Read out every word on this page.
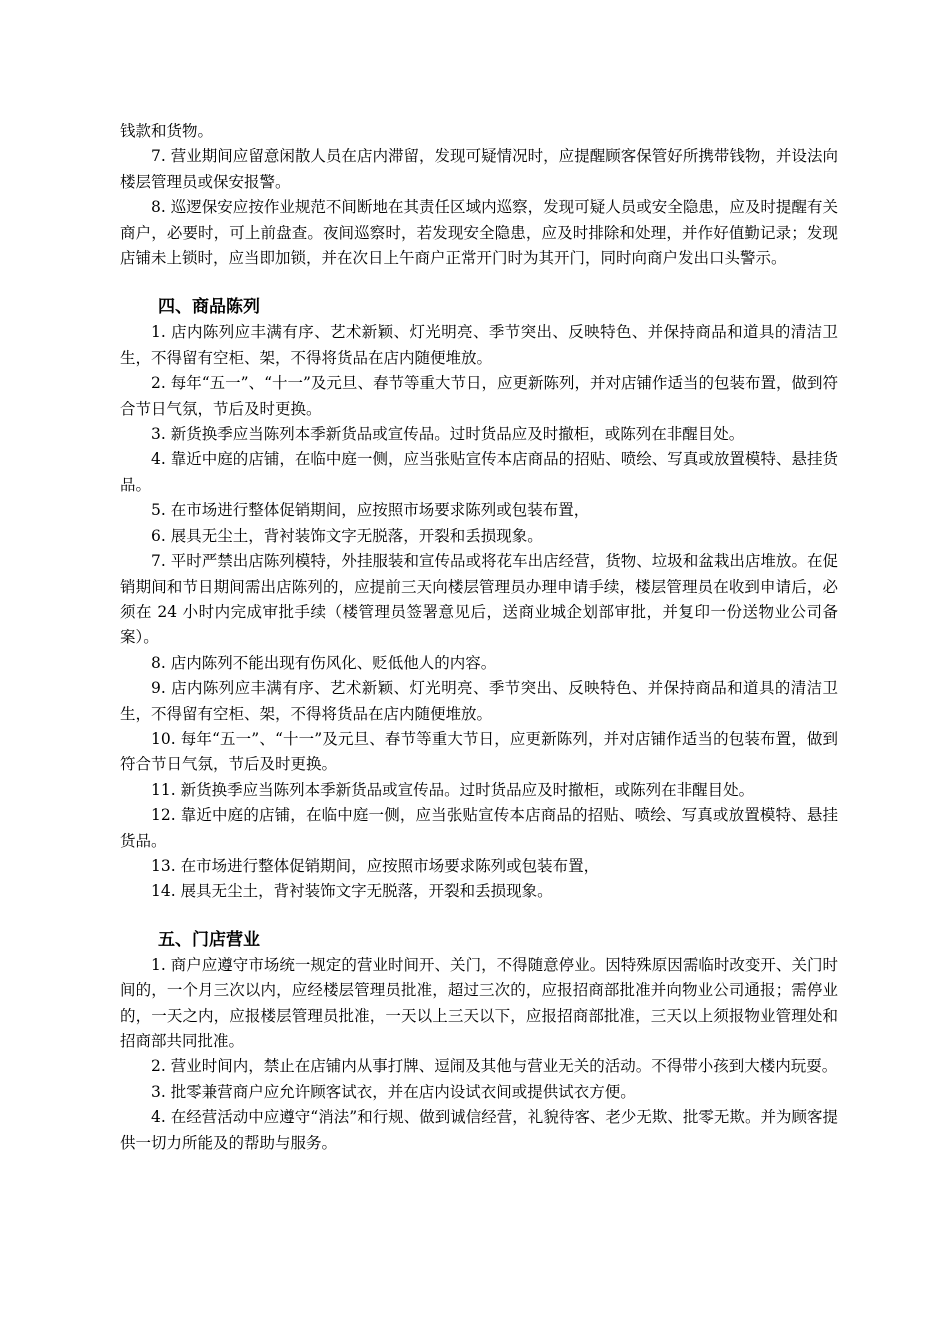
钱款和货物。

7. 营业期间应留意闲散人员在店内滞留，发现可疑情况时，应提醒顾客保管好所携带钱物，并设法向楼层管理员或保安报警。

8. 巡逻保安应按作业规范不间断地在其责任区域内巡察，发现可疑人员或安全隐患，应及时提醒有关商户，必要时，可上前盘查。夜间巡察时，若发现安全隐患，应及时排除和处理，并作好值勤记录；发现店铺未上锁时，应当即加锁，并在次日上午商户正常开门时为其开门，同时向商户发出口头警示。

四、商品陈列

1. 店内陈列应丰满有序、艺术新颖、灯光明亮、季节突出、反映特色、并保持商品和道具的清洁卫生，不得留有空柜、架，不得将货品在店内随便堆放。

2. 每年“五一”、“十一”及元旦、春节等重大节日，应更新陈列，并对店铺作适当的包装布置，做到符合节日气氛，节后及时更换。

3. 新货换季应当陈列本季新货品或宣传品。过时货品应及时撤柜，或陈列在非醒目处。

4. 靠近中庭的店铺，在临中庭一侧，应当张贴宣传本店商品的招贴、喷绘、写真或放置模特、悬挂货品。

5. 在市场进行整体促销期间，应按照市场要求陈列或包装布置，

6. 展具无尘土，背衬装饰文字无脱落，开裂和丢损现象。

7. 平时严禁出店陈列模特，外挂服装和宣传品或将花车出店经营，货物、垃圾和盆栽出店堆放。在促销期间和节日期间需出店陈列的，应提前三天向楼层管理员办理申请手续，楼层管理员在收到申请后，必须在 24 小时内完成审批手续（楼管理员签署意见后，送商业城企划部审批，并复印一份送物业公司备案）。

8. 店内陈列不能出现有伤风化、贬低他人的内容。

9. 店内陈列应丰满有序、艺术新颖、灯光明亮、季节突出、反映特色、并保持商品和道具的清洁卫生，不得留有空柜、架，不得将货品在店内随便堆放。

10. 每年“五一”、“十一”及元旦、春节等重大节日，应更新陈列，并对店铺作适当的包装布置，做到符合节日气氛，节后及时更换。

11. 新货换季应当陈列本季新货品或宣传品。过时货品应及时撤柜，或陈列在非醒目处。

12. 靠近中庭的店铺，在临中庭一侧，应当张贴宣传本店商品的招贴、喷绘、写真或放置模特、悬挂货品。

13. 在市场进行整体促销期间，应按照市场要求陈列或包装布置，

14. 展具无尘土，背衬装饰文字无脱落，开裂和丢损现象。

五、门店营业

1. 商户应遵守市场统一规定的营业时间开、关门，不得随意停业。因特殊原因需临时改变开、关门时间的，一个月三次以内，应经楼层管理员批准，超过三次的，应报招商部批准并向物业公司通报；需停业的，一天之内，应报楼层管理员批准，一天以上三天以下，应报招商部批准，三天以上须报物业管理处和招商部共同批准。

2. 营业时间内，禁止在店铺内从事打牌、逗闹及其他与营业无关的活动。不得带小孩到大楼内玩耍。

3. 批零兼营商户应允许顾客试衣，并在店内设试衣间或提供试衣方便。

4. 在经营活动中应遵守“消法”和行规、做到诚信经营，礼貌待客、老少无欺、批零无欺。并为顾客提供一切力所能及的帮助与服务。
